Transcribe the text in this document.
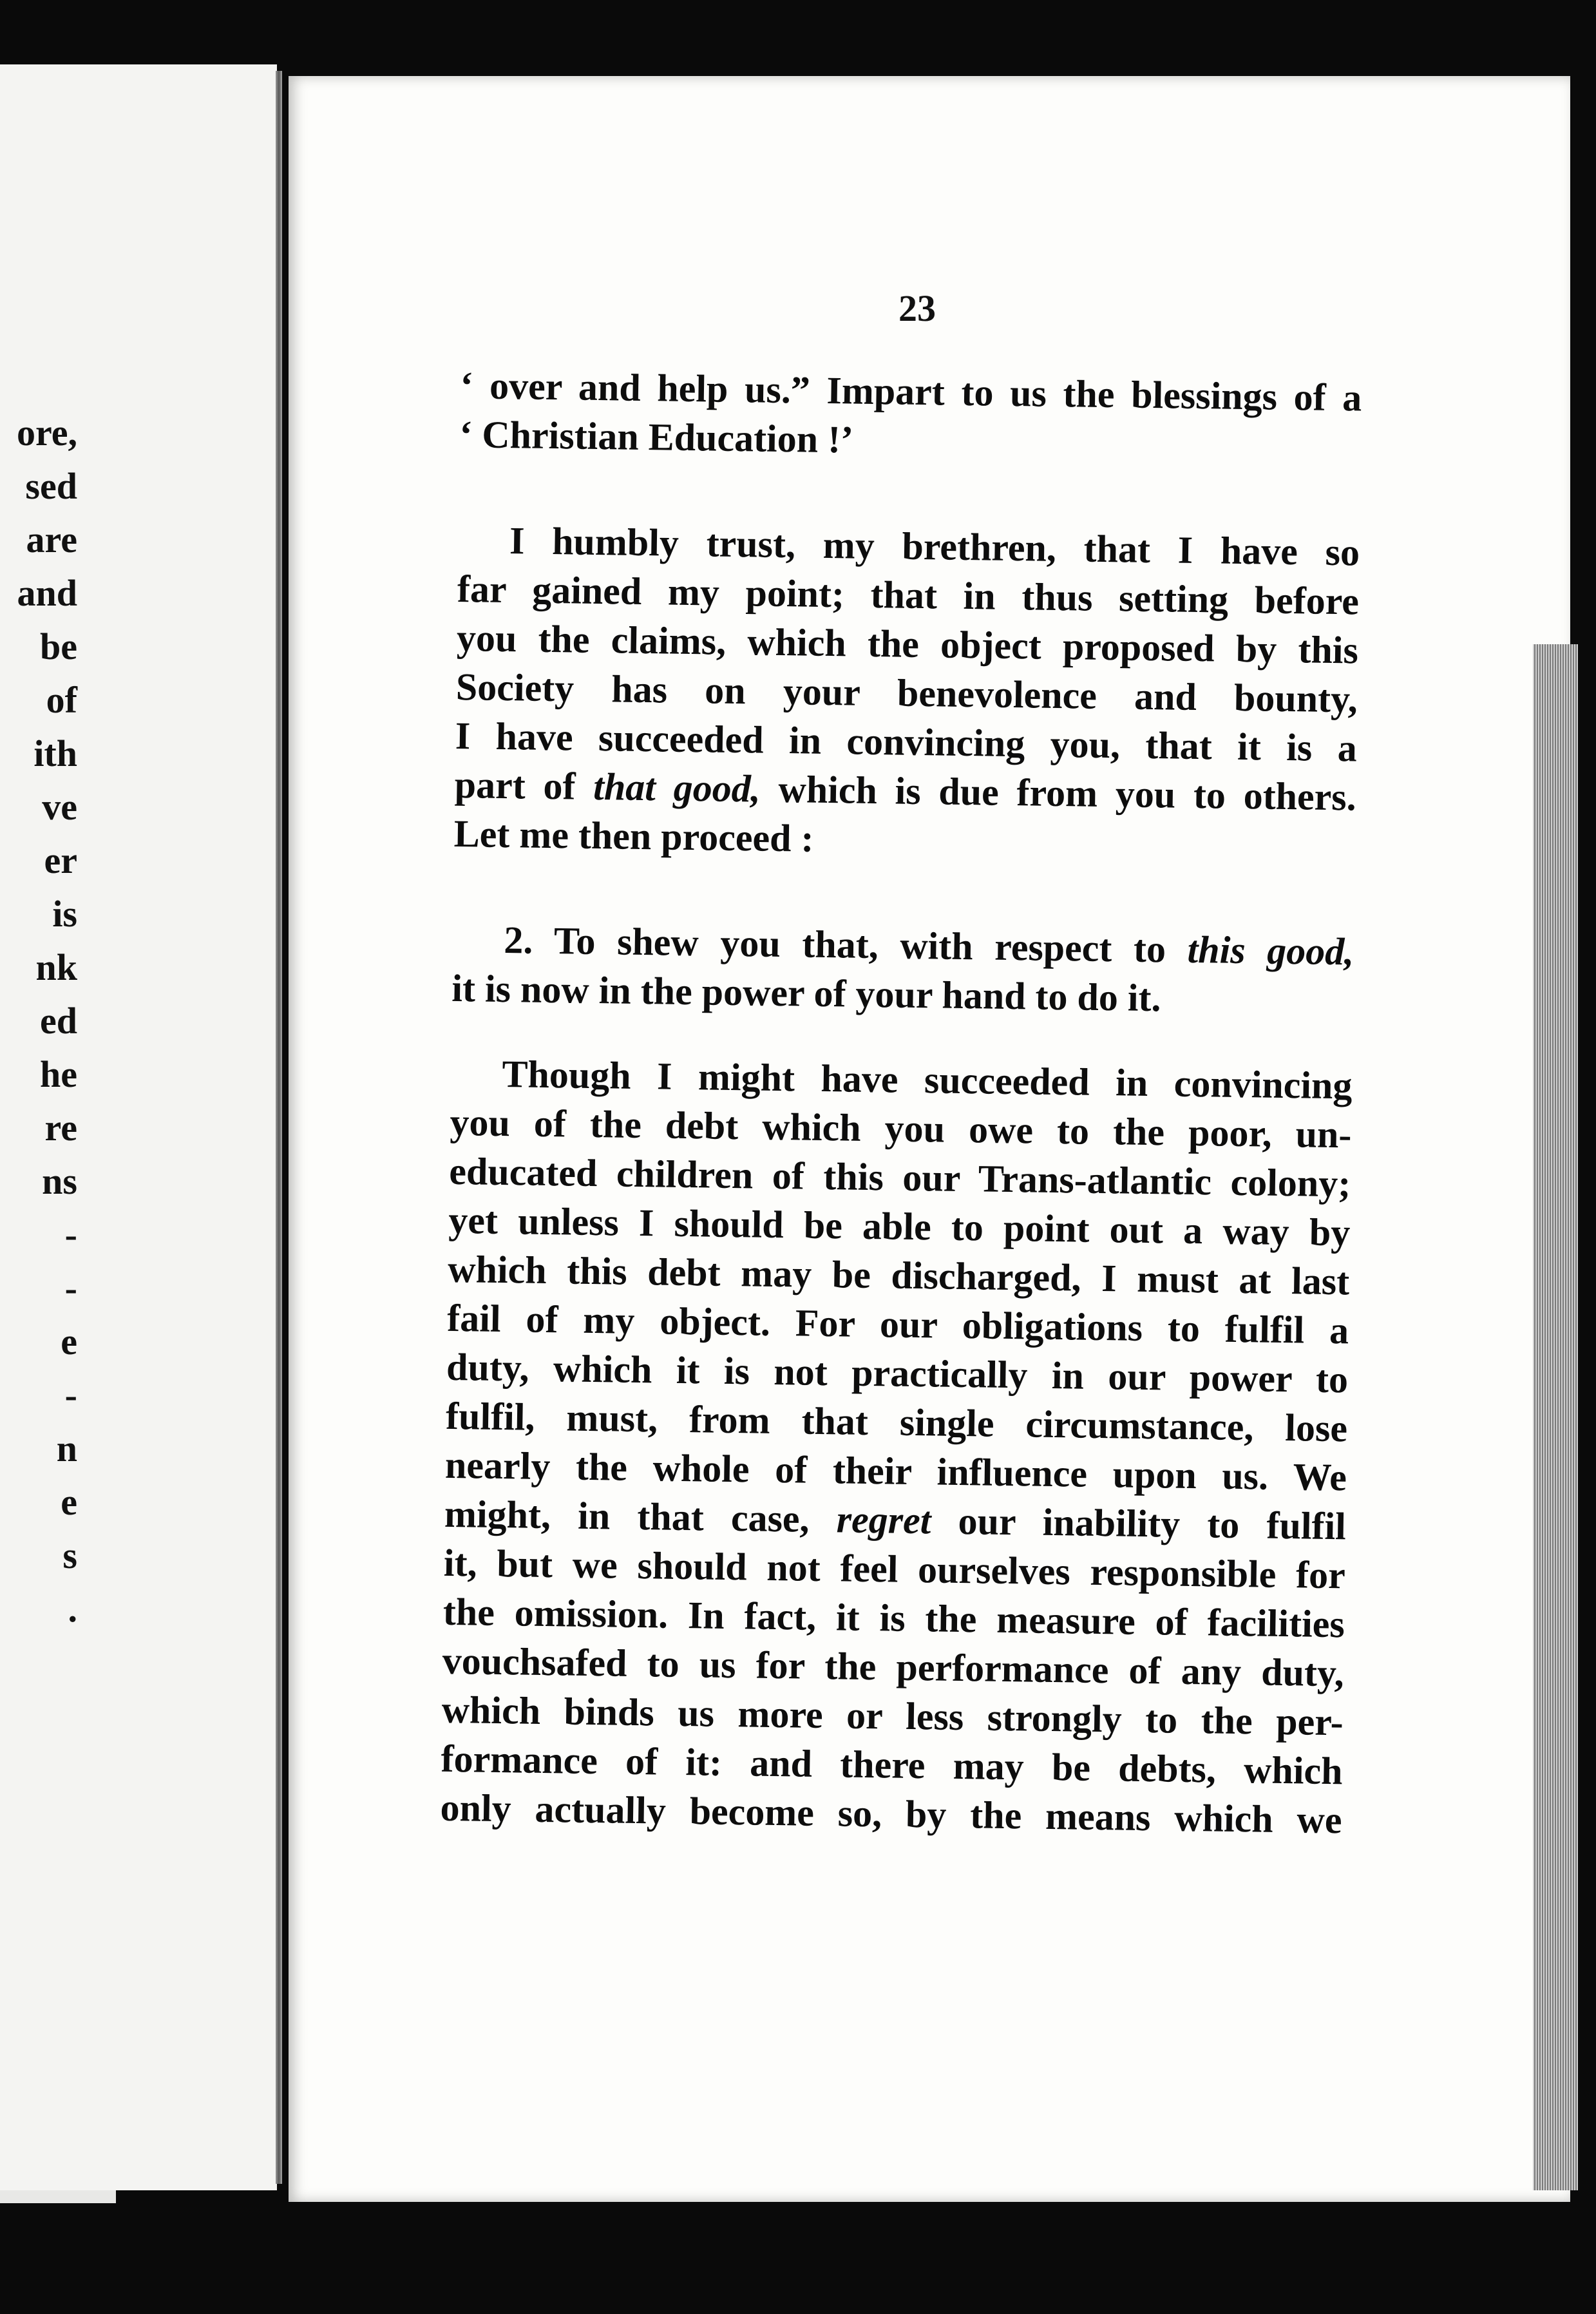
ore,
sed
are
and
be
of
ith
ve
er
is
nk
ed
he
re
ns
-
-
e
-
n
e
s
.
23

‘ over and help us.” Impart to us the blessings of a
‘ Christian Education !’

I humbly trust, my brethren, that I have so
far gained my point; that in thus setting before
you the claims, which the object proposed by this
Society has on your benevolence and bounty,
I have succeeded in convincing you, that it is a
part of that good, which is due from you to others.
Let me then proceed :

2. To shew you that, with respect to this good,
it is now in the power of your hand to do it.

Though I might have succeeded in convincing
you of the debt which you owe to the poor, un-
educated children of this our Trans-atlantic colony;
yet unless I should be able to point out a way by
which this debt may be discharged, I must at last
fail of my object. For our obligations to fulfil a
duty, which it is not practically in our power to
fulfil, must, from that single circumstance, lose
nearly the whole of their influence upon us. We
might, in that case, regret our inability to fulfil
it, but we should not feel ourselves responsible for
the omission. In fact, it is the measure of facilities
vouchsafed to us for the performance of any duty,
which binds us more or less strongly to the per-
formance of it: and there may be debts, which
only actually become so, by the means which we
